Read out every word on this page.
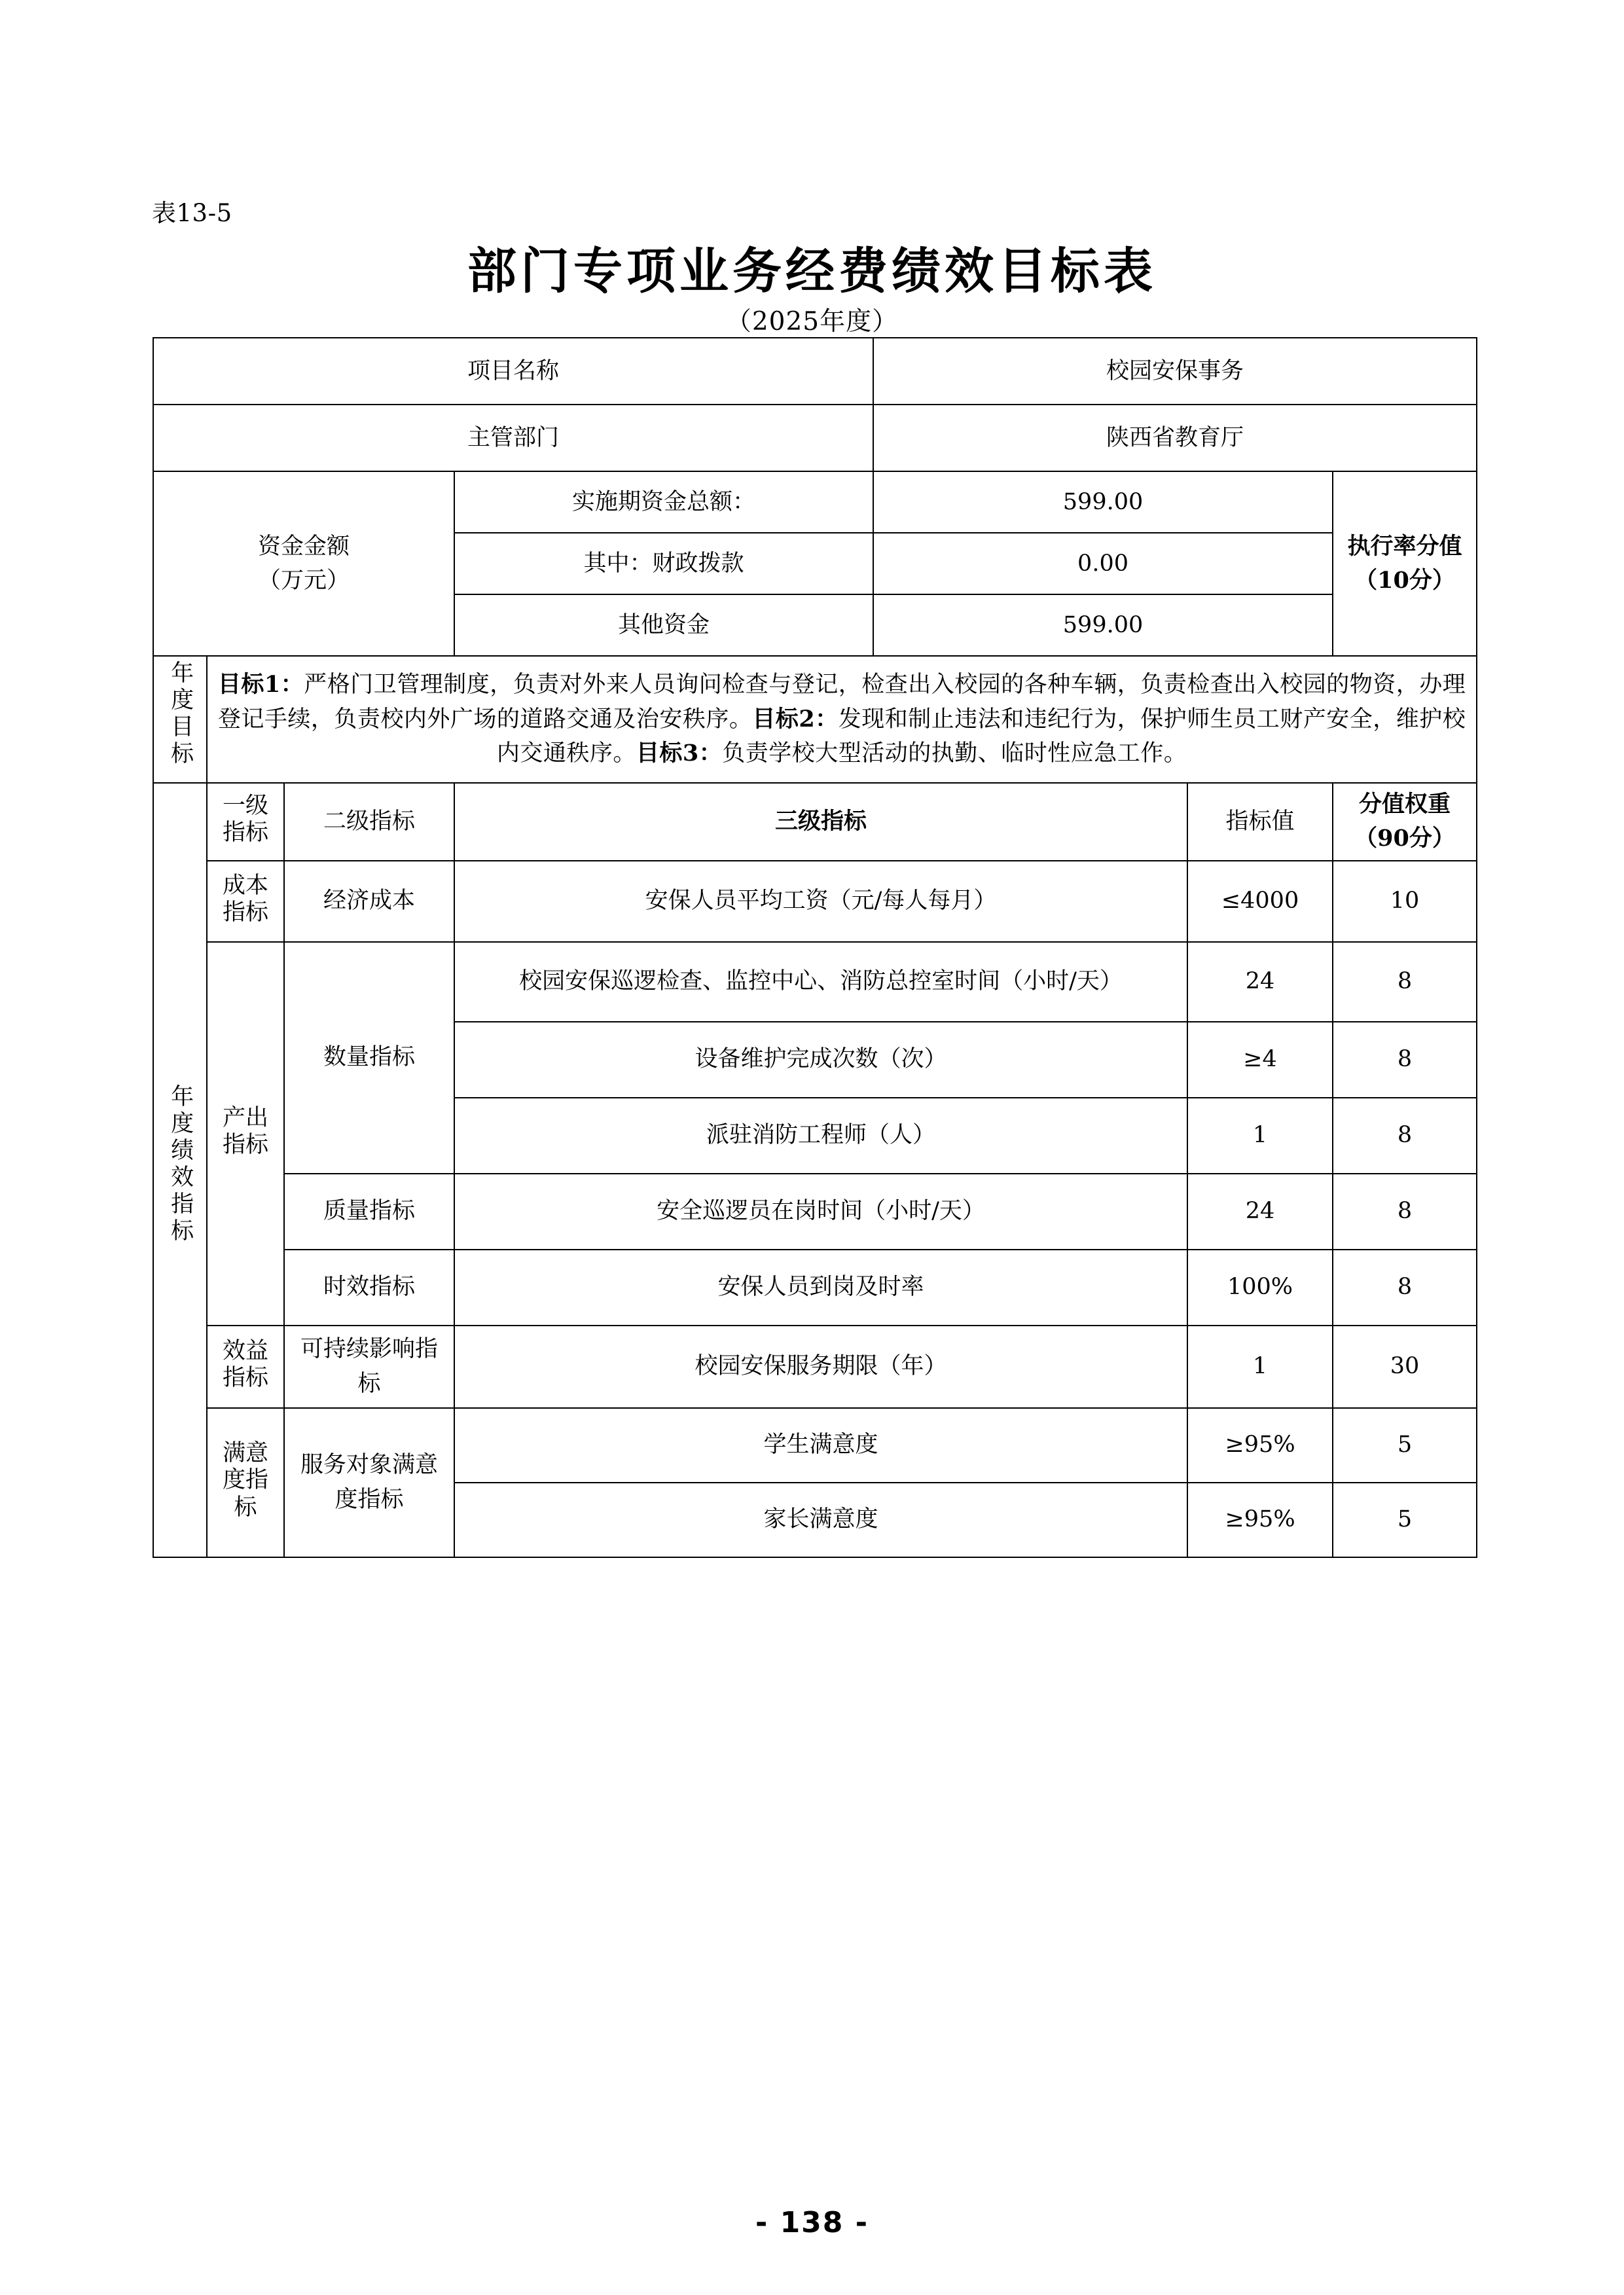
表13-5
部门专项业务经费绩效目标表
（2025年度）
项目名称				校园安保事务		
主管部门				陕西省教育厅		
资金金额
（万元）			实施期资金总额：	599.00		执行率分值
（10分）
			其中：财政拨款	0.00		
			其他资金	599.00		
年度目标	目标1：严格门卫管理制度，负责对外来人员询问检查与登记，检查出入校园的各种车辆，负责检查出入校园的物资，办理登记手续，负责校内外广场的道路交通及治安秩序。目标2：发现和制止违法和违纪行为，保护师生员工财产安全，维护校内交通秩序。目标3：负责学校大型活动的执勤、临时性应急工作。					
年度绩效指标	一级指标	二级指标	三级指标		指标值	分值权重
（90分）
	成本指标	经济成本	安保人员平均工资（元/每人每月）		≤4000	10
	产出指标	数量指标	校园安保巡逻检查、监控中心、消防总控室时间（小时/天）		24	8
			设备维护完成次数（次）		≥4	8
			派驻消防工程师（人）		1	8
		质量指标	安全巡逻员在岗时间（小时/天）		24	8
		时效指标	安保人员到岗及时率		100%	8
	效益指标	可持续影响指标	校园安保服务期限（年）		1	30
	满意度指标	服务对象满意度指标	学生满意度		≥95%	5
			家长满意度		≥95%	5
- 138 -
